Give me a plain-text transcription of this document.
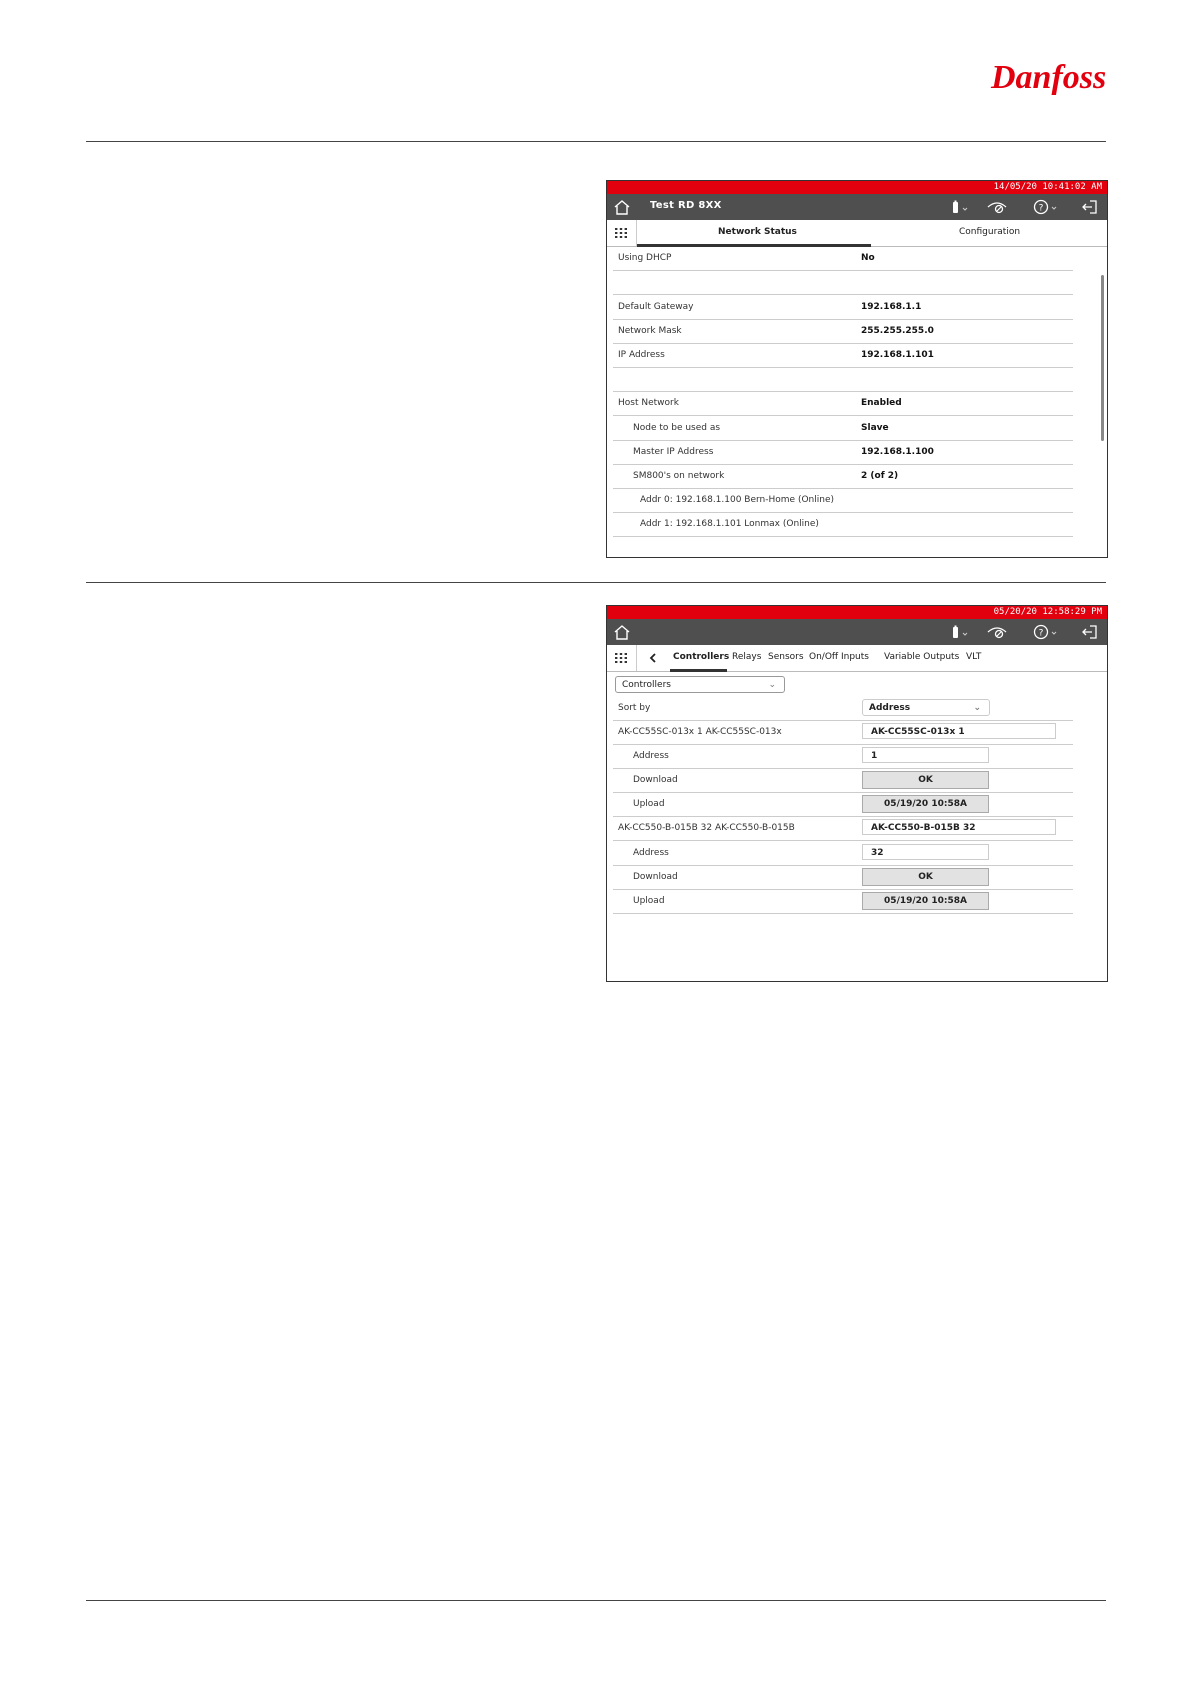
Danfoss
14/05/20 10:41:02 AM
Test RD 8XX	?
Network Status	Configuration
Using DHCP	No
Default Gateway	192.168.1.1
Network Mask	255.255.255.0
IP Address	192.168.1.101
Host Network	Enabled
Node to be used as	Slave
Master IP Address	192.168.1.100
SM800's on network	2 (of 2)
Addr 0: 192.168.1.100 Bern-Home (Online)
Addr 1: 192.168.1.101 Lonmax (Online)
05/20/20 12:58:29 PM
?
Controllers Relays Sensors On/Off Inputs Variable Outputs VLT
Controllers	⌄
Sort by	Address	⌄
AK-CC55SC-013x 1 AK-CC55SC-013x	AK-CC55SC-013x 1
Address	1
Download	OK
Upload	05/19/20 10:58A
AK-CC550-B-015B 32 AK-CC550-B-015B	AK-CC550-B-015B 32
Address	32
Download	OK
Upload	05/19/20 10:58A
